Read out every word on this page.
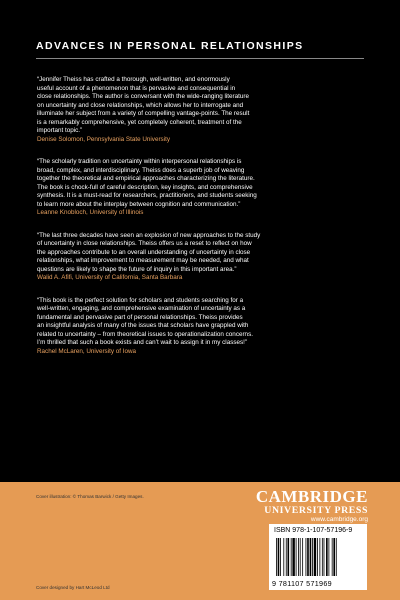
ADVANCES IN PERSONAL RELATIONSHIPS

“Jennifer Theiss has crafted a thorough, well-written, and enormously
useful account of a phenomenon that is pervasive and consequential in
close relationships. The author is conversant with the wide-ranging literature
on uncertainty and close relationships, which allows her to interrogate and
illuminate her subject from a variety of compelling vantage-points. The result
is a remarkably comprehensive, yet completely coherent, treatment of the
important topic.”

Denise Solomon, Pennsylvania State University

“The scholarly tradition on uncertainty within interpersonal relationships is
broad, complex, and interdisciplinary. Theiss does a superb job of weaving
together the theoretical and empirical approaches characterizing the literature.
The book is chock-full of careful description, key insights, and comprehensive
synthesis. It is a must-read for researchers, practitioners, and students seeking
to learn more about the interplay between cognition and communication.”

Leanne Knobloch, University of Illinois

“The last three decades have seen an explosion of new approaches to the study
of uncertainty in close relationships. Theiss offers us a reset to reflect on how
the approaches contribute to an overall understanding of uncertainty in close
relationships, what improvement to measurement may be needed, and what
questions are likely to shape the future of inquiry in this important area.”

Walid A. Afifi, University of California, Santa Barbara

“This book is the perfect solution for scholars and students searching for a
well-written, engaging, and comprehensive examination of uncertainty as a
fundamental and pervasive part of personal relationships. Theiss provides
an insightful analysis of many of the issues that scholars have grappled with
related to uncertainty – from theoretical issues to operationalization concerns.
I’m thrilled that such a book exists and can’t wait to assign it in my classes!”

Rachel McLaren, University of Iowa

Cover illustration: © Thomas Barwick / Getty Images.	CAMBRIDGE
UNIVERSITY PRESS
www.cambridge.org
Cover designed by Hart McLeod Ltd
ISBN 978-1-107-57196-9
9 781107 571969
